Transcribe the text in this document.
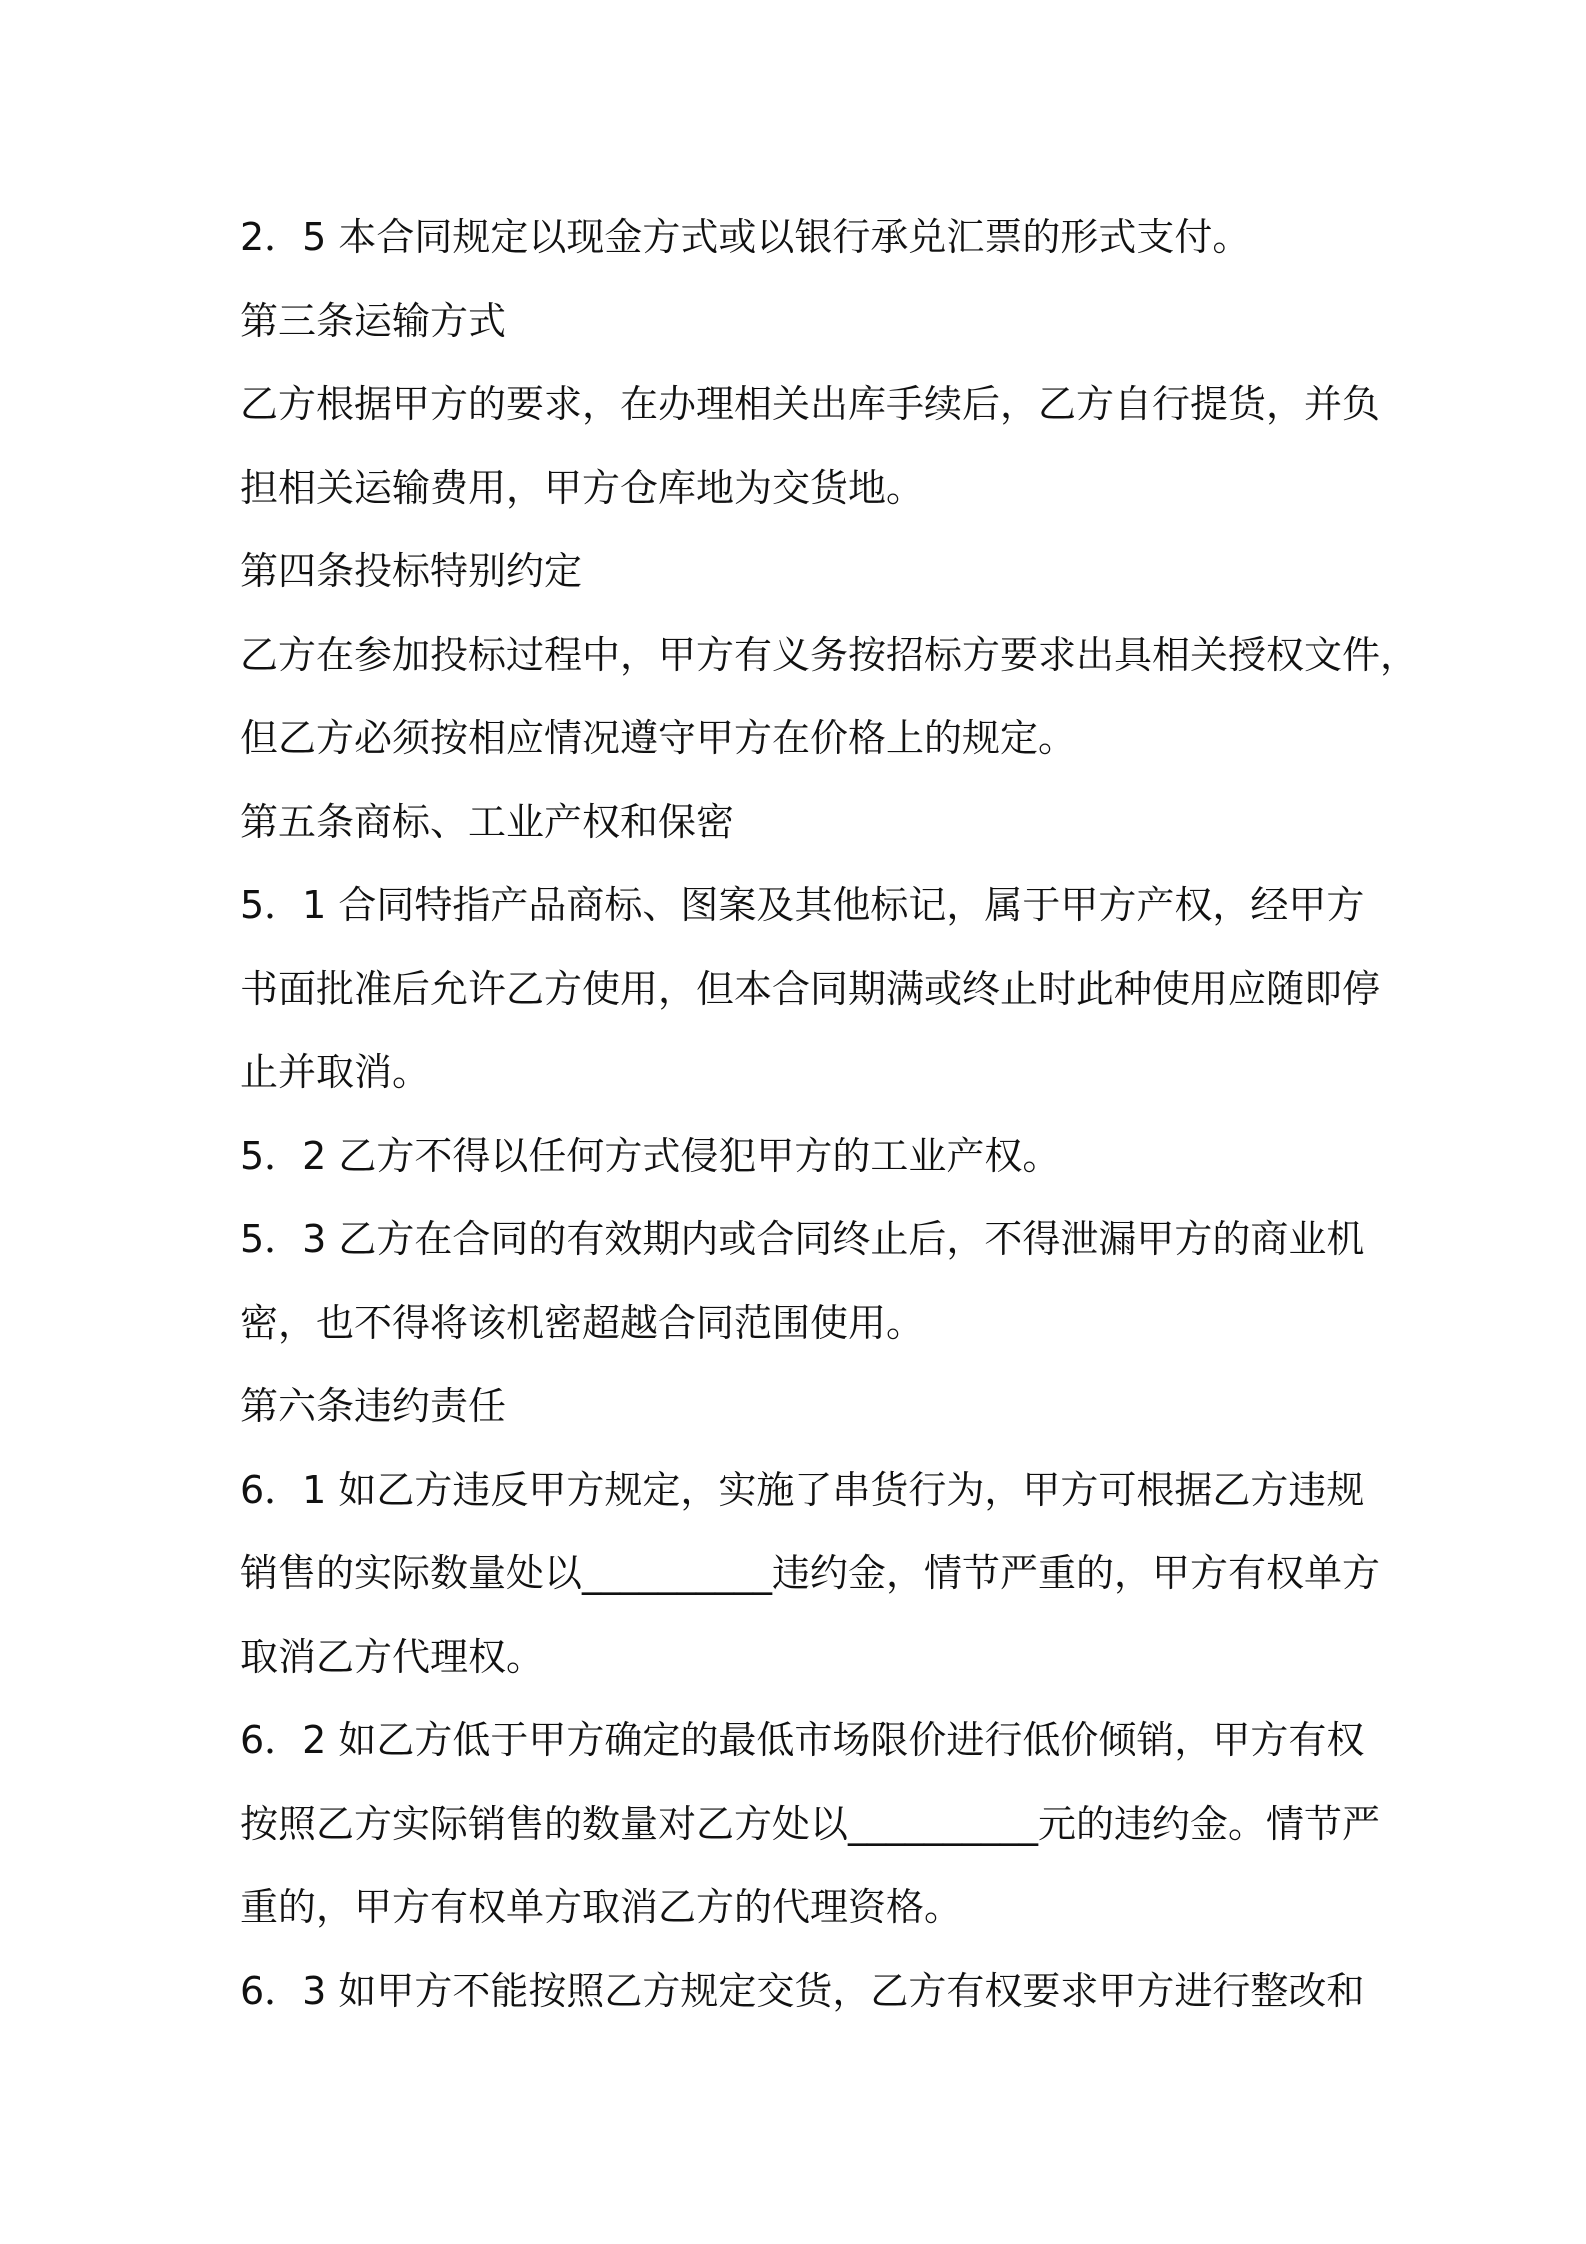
2．5 本合同规定以现金方式或以银行承兑汇票的形式支付。
第三条运输方式
乙方根据甲方的要求，在办理相关出库手续后，乙方自行提货，并负
担相关运输费用，甲方仓库地为交货地。
第四条投标特别约定
乙方在参加投标过程中，甲方有义务按招标方要求出具相关授权文件，
但乙方必须按相应情况遵守甲方在价格上的规定。
第五条商标、工业产权和保密
5．1 合同特指产品商标、图案及其他标记，属于甲方产权，经甲方
书面批准后允许乙方使用，但本合同期满或终止时此种使用应随即停
止并取消。
5．2 乙方不得以任何方式侵犯甲方的工业产权。
5．3 乙方在合同的有效期内或合同终止后，不得泄漏甲方的商业机
密，也不得将该机密超越合同范围使用。
第六条违约责任
6．1 如乙方违反甲方规定，实施了串货行为，甲方可根据乙方违规
销售的实际数量处以__________违约金，情节严重的，甲方有权单方
取消乙方代理权。
6．2 如乙方低于甲方确定的最低市场限价进行低价倾销，甲方有权
按照乙方实际销售的数量对乙方处以__________元的违约金。情节严
重的，甲方有权单方取消乙方的代理资格。
6．3 如甲方不能按照乙方规定交货，乙方有权要求甲方进行整改和
